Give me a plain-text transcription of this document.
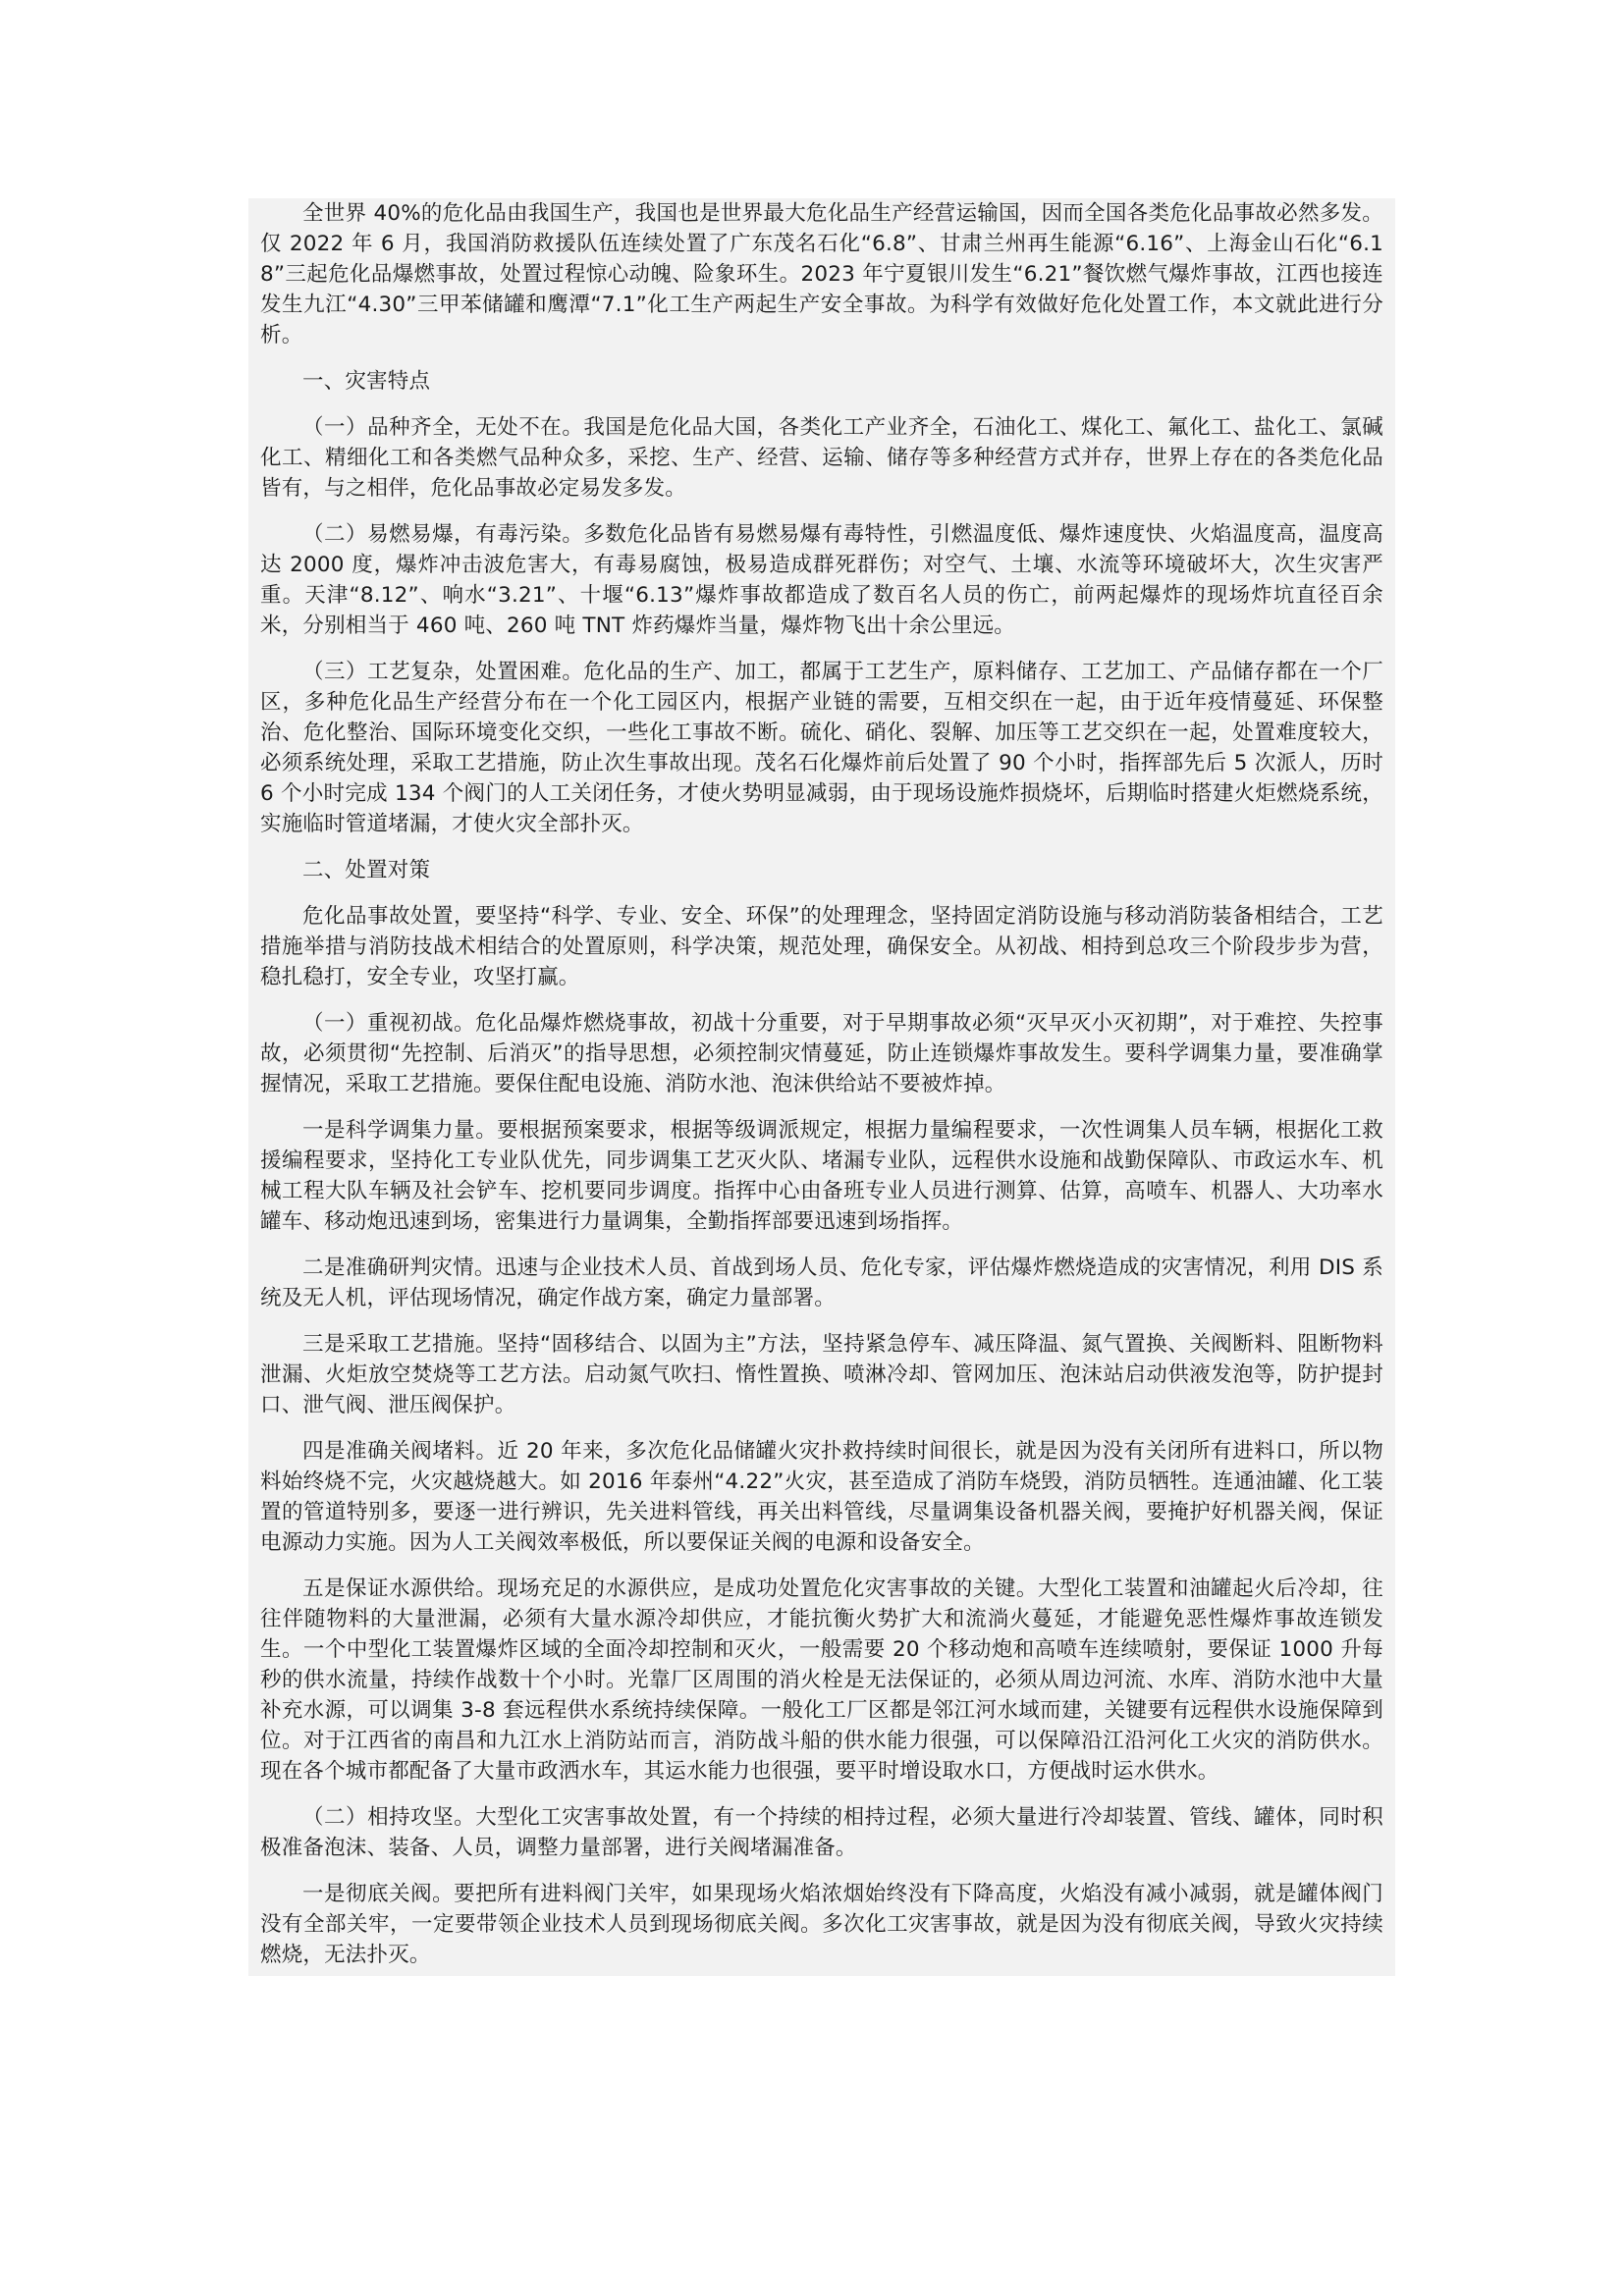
全世界 40%的危化品由我国生产，我国也是世界最大危化品生产经营运输国，因而全国各类危化品事故必然多发。仅 2022 年 6 月，我国消防救援队伍连续处置了广东茂名石化“6.8”、甘肃兰州再生能源“6.16”、上海金山石化“6.18”三起危化品爆燃事故，处置过程惊心动魄、险象环生。2023 年宁夏银川发生“6.21”餐饮燃气爆炸事故，江西也接连发生九江“4.30”三甲苯储罐和鹰潭“7.1”化工生产两起生产安全事故。为科学有效做好危化处置工作，本文就此进行分析。

一、灾害特点

（一）品种齐全，无处不在。我国是危化品大国，各类化工产业齐全，石油化工、煤化工、氟化工、盐化工、氯碱化工、精细化工和各类燃气品种众多，采挖、生产、经营、运输、储存等多种经营方式并存，世界上存在的各类危化品皆有，与之相伴，危化品事故必定易发多发。

（二）易燃易爆，有毒污染。多数危化品皆有易燃易爆有毒特性，引燃温度低、爆炸速度快、火焰温度高，温度高达 2000 度，爆炸冲击波危害大，有毒易腐蚀，极易造成群死群伤；对空气、土壤、水流等环境破坏大，次生灾害严重。天津“8.12”、响水“3.21”、十堰“6.13”爆炸事故都造成了数百名人员的伤亡，前两起爆炸的现场炸坑直径百余米，分别相当于 460 吨、260 吨 TNT 炸药爆炸当量，爆炸物飞出十余公里远。

（三）工艺复杂，处置困难。危化品的生产、加工，都属于工艺生产，原料储存、工艺加工、产品储存都在一个厂区，多种危化品生产经营分布在一个化工园区内，根据产业链的需要，互相交织在一起，由于近年疫情蔓延、环保整治、危化整治、国际环境变化交织，一些化工事故不断。硫化、硝化、裂解、加压等工艺交织在一起，处置难度较大，必须系统处理，采取工艺措施，防止次生事故出现。茂名石化爆炸前后处置了 90 个小时，指挥部先后 5 次派人，历时 6 个小时完成 134 个阀门的人工关闭任务，才使火势明显减弱，由于现场设施炸损烧坏，后期临时搭建火炬燃烧系统，实施临时管道堵漏，才使火灾全部扑灭。

二、处置对策

危化品事故处置，要坚持“科学、专业、安全、环保”的处理理念，坚持固定消防设施与移动消防装备相结合，工艺措施举措与消防技战术相结合的处置原则，科学决策，规范处理，确保安全。从初战、相持到总攻三个阶段步步为营，稳扎稳打，安全专业，攻坚打赢。

（一）重视初战。危化品爆炸燃烧事故，初战十分重要，对于早期事故必须“灭早灭小灭初期”，对于难控、失控事故，必须贯彻“先控制、后消灭”的指导思想，必须控制灾情蔓延，防止连锁爆炸事故发生。要科学调集力量，要准确掌握情况，采取工艺措施。要保住配电设施、消防水池、泡沫供给站不要被炸掉。

一是科学调集力量。要根据预案要求，根据等级调派规定，根据力量编程要求，一次性调集人员车辆，根据化工救援编程要求，坚持化工专业队优先，同步调集工艺灭火队、堵漏专业队，远程供水设施和战勤保障队、市政运水车、机械工程大队车辆及社会铲车、挖机要同步调度。指挥中心由备班专业人员进行测算、估算，高喷车、机器人、大功率水罐车、移动炮迅速到场，密集进行力量调集，全勤指挥部要迅速到场指挥。

二是准确研判灾情。迅速与企业技术人员、首战到场人员、危化专家，评估爆炸燃烧造成的灾害情况，利用 DIS 系统及无人机，评估现场情况，确定作战方案，确定力量部署。

三是采取工艺措施。坚持“固移结合、以固为主”方法，坚持紧急停车、减压降温、氮气置换、关阀断料、阻断物料泄漏、火炬放空焚烧等工艺方法。启动氮气吹扫、惰性置换、喷淋冷却、管网加压、泡沫站启动供液发泡等，防护提封口、泄气阀、泄压阀保护。

四是准确关阀堵料。近 20 年来，多次危化品储罐火灾扑救持续时间很长，就是因为没有关闭所有进料口，所以物料始终烧不完，火灾越烧越大。如 2016 年泰州“4.22”火灾，甚至造成了消防车烧毁，消防员牺牲。连通油罐、化工装置的管道特别多，要逐一进行辨识，先关进料管线，再关出料管线，尽量调集设备机器关阀，要掩护好机器关阀，保证电源动力实施。因为人工关阀效率极低，所以要保证关阀的电源和设备安全。

五是保证水源供给。现场充足的水源供应，是成功处置危化灾害事故的关键。大型化工装置和油罐起火后冷却，往往伴随物料的大量泄漏，必须有大量水源冷却供应，才能抗衡火势扩大和流淌火蔓延，才能避免恶性爆炸事故连锁发生。一个中型化工装置爆炸区域的全面冷却控制和灭火，一般需要 20 个移动炮和高喷车连续喷射，要保证 1000 升每秒的供水流量，持续作战数十个小时。光靠厂区周围的消火栓是无法保证的，必须从周边河流、水库、消防水池中大量补充水源，可以调集 3-8 套远程供水系统持续保障。一般化工厂区都是邻江河水域而建，关键要有远程供水设施保障到位。对于江西省的南昌和九江水上消防站而言，消防战斗船的供水能力很强，可以保障沿江沿河化工火灾的消防供水。现在各个城市都配备了大量市政洒水车，其运水能力也很强，要平时增设取水口，方便战时运水供水。

（二）相持攻坚。大型化工灾害事故处置，有一个持续的相持过程，必须大量进行冷却装置、管线、罐体，同时积极准备泡沫、装备、人员，调整力量部署，进行关阀堵漏准备。

一是彻底关阀。要把所有进料阀门关牢，如果现场火焰浓烟始终没有下降高度，火焰没有减小减弱，就是罐体阀门没有全部关牢，一定要带领企业技术人员到现场彻底关阀。多次化工灾害事故，就是因为没有彻底关阀，导致火灾持续燃烧，无法扑灭。
